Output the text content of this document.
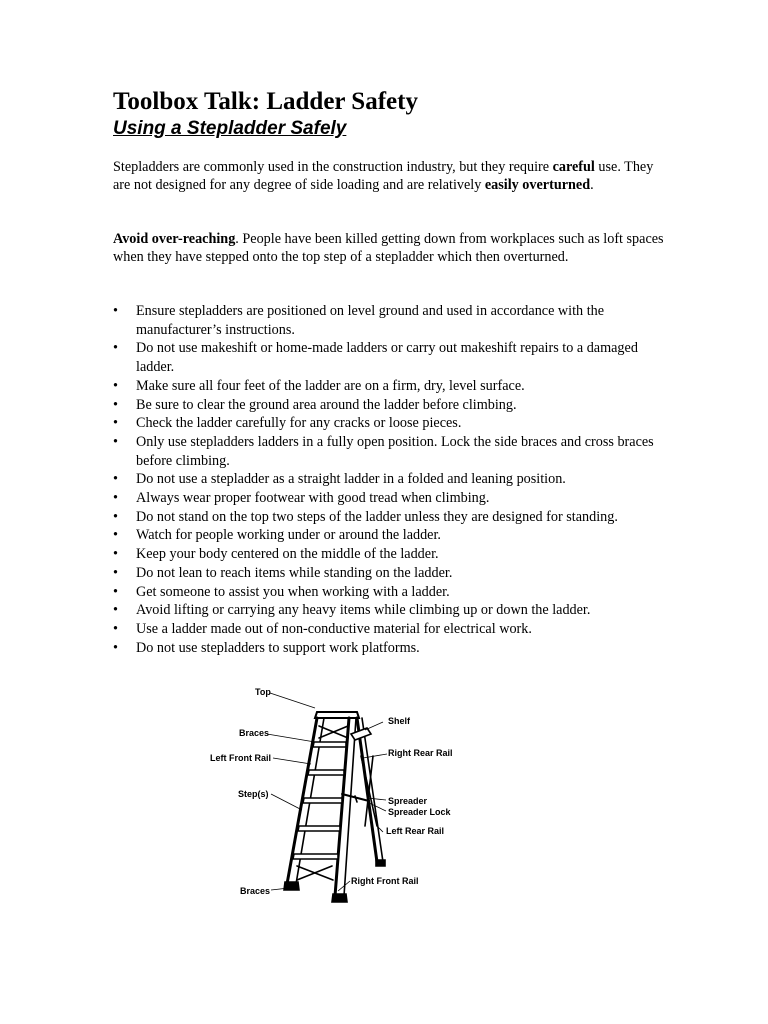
Toolbox Talk: Ladder Safety
Using a Stepladder Safely

Stepladders are commonly used in the construction industry, but they require careful use. They are not designed for any degree of side loading and are relatively easily overturned.

Avoid over-reaching. People have been killed getting down from workplaces such as loft spaces when they have stepped onto the top step of a stepladder which then overturned.

• Ensure stepladders are positioned on level ground and used in accordance with the manufacturer’s instructions.
• Do not use makeshift or home-made ladders or carry out makeshift repairs to a damaged ladder.
• Make sure all four feet of the ladder are on a firm, dry, level surface.
• Be sure to clear the ground area around the ladder before climbing.
• Check the ladder carefully for any cracks or loose pieces.
• Only use stepladders ladders in a fully open position. Lock the side braces and cross braces before climbing.
• Do not use a stepladder as a straight ladder in a folded and leaning position.
• Always wear proper footwear with good tread when climbing.
• Do not stand on the top two steps of the ladder unless they are designed for standing.
• Watch for people working under or around the ladder.
• Keep your body centered on the middle of the ladder.
• Do not lean to reach items while standing on the ladder.
• Get someone to assist you when working with a ladder.
• Avoid lifting or carrying any heavy items while climbing up or down the ladder.
• Use a ladder made out of non-conductive material for electrical work.
• Do not use stepladders to support work platforms.
Top
Shelf
Braces
Right Rear Rail
Left Front Rail
Step(s)
Spreader
Spreader Lock
Left Rear Rail
Right Front Rail
Braces
